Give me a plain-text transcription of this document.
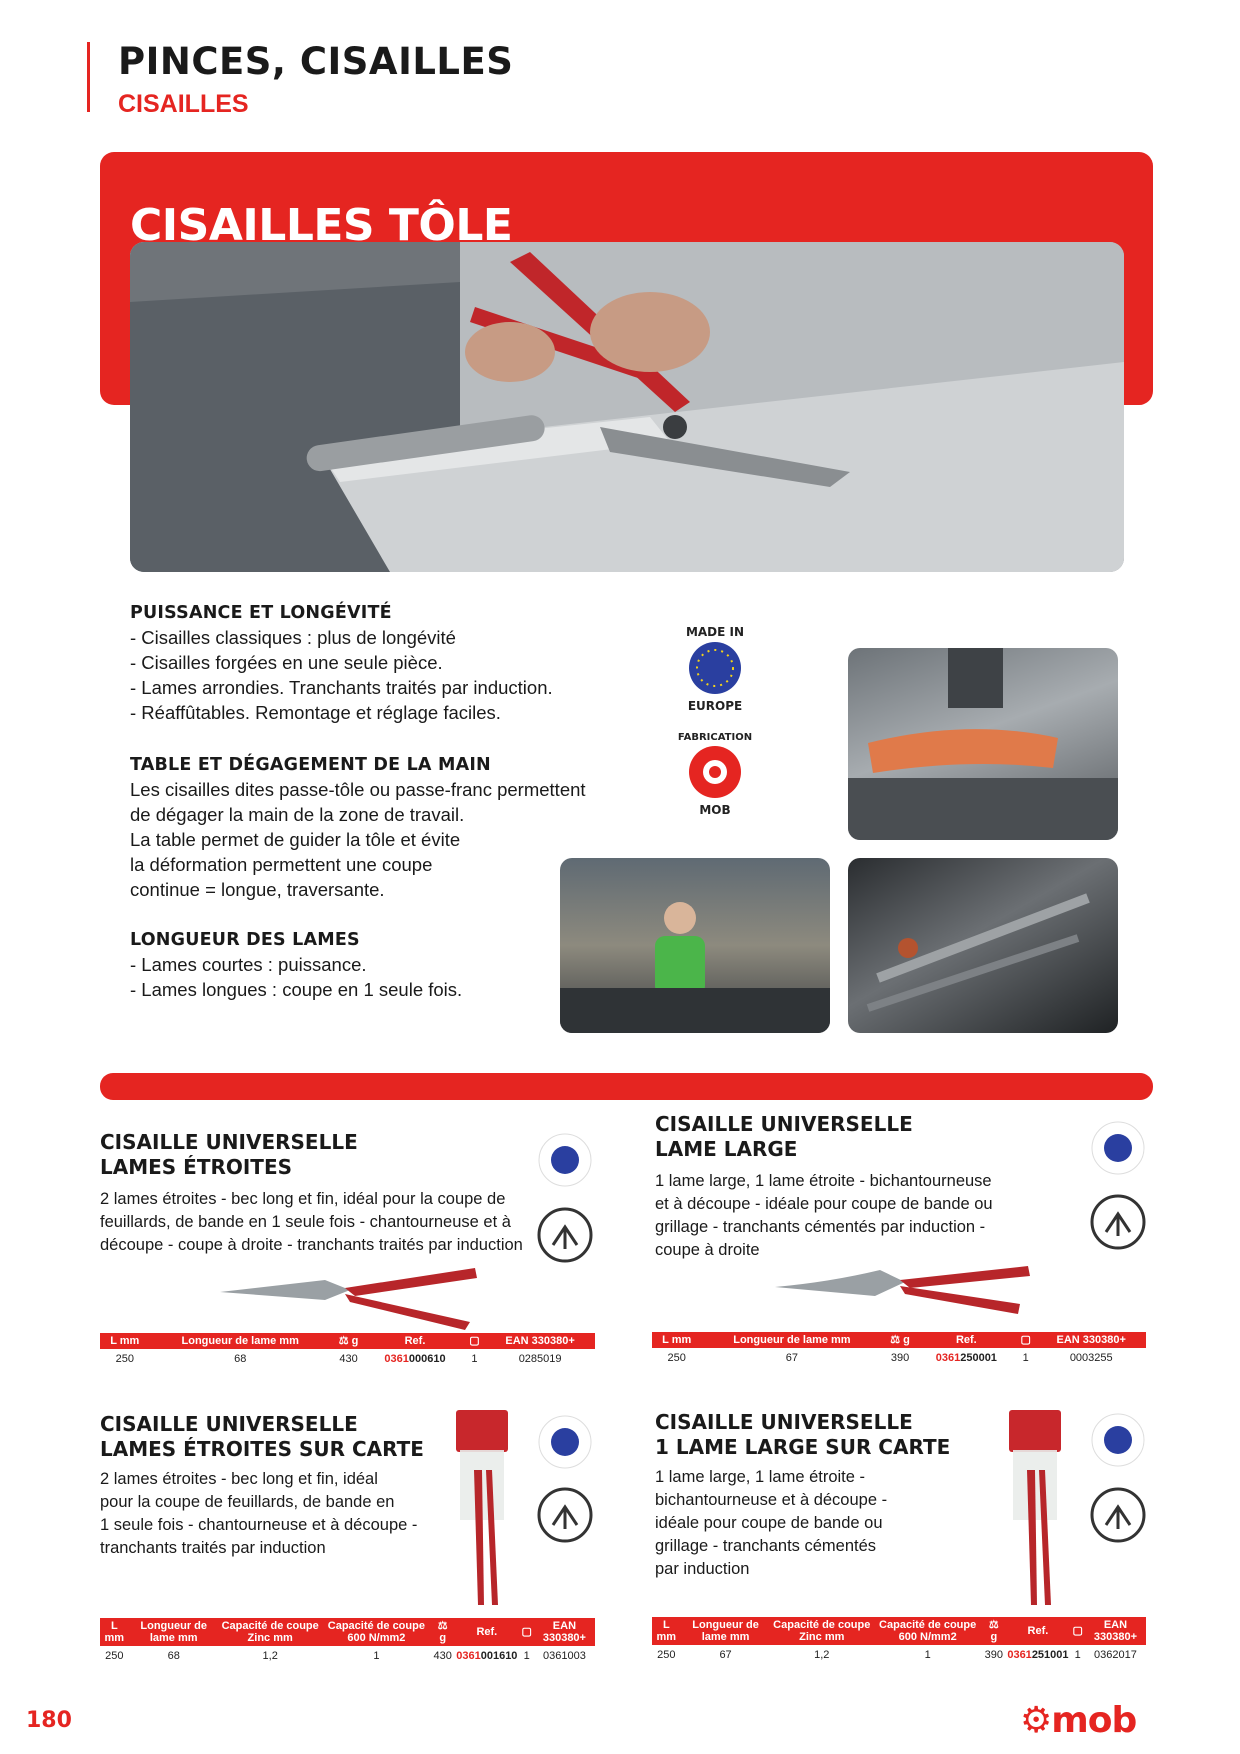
PINCES, CISAILLES
CISAILLES
CISAILLES TÔLE
PUISSANCE ET LONGÉVITÉ
- Cisailles classiques : plus de longévité
- Cisailles forgées en une seule pièce.
- Lames arrondies. Tranchants traités par induction.
- Réaffûtables. Remontage et réglage faciles.
TABLE ET DÉGAGEMENT DE LA MAIN
Les cisailles dites passe-tôle ou passe-franc permettent
de dégager la main de la zone de travail.
La table permet de guider la tôle et évite
la déformation permettent une coupe
continue = longue, traversante.
LONGUEUR DES LAMES
- Lames courtes : puissance.
- Lames longues : coupe en 1 seule fois.
MADE IN
EUROPE
FABRICATION
MOB
CISAILLE UNIVERSELLE
LAMES ÉTROITES
2 lames étroites - bec long et fin, idéal pour la coupe de
feuillards, de bande en 1 seule fois - chantourneuse et à
découpe - coupe à droite - tranchants traités par induction
CISAILLE UNIVERSELLE
LAME LARGE
1 lame large, 1 lame étroite - bichantourneuse
et à découpe - idéale pour coupe de bande ou
grillage - tranchants cémentés par induction -
coupe à droite
L mm	Longueur de lame mm	⚖ g	Ref.	▢	EAN 330380+
250	68	430	0361000610	1	0285019
L mm	Longueur de lame mm	⚖ g	Ref.	▢	EAN 330380+
250	67	390	0361250001	1	0003255
CISAILLE UNIVERSELLE
LAMES ÉTROITES SUR CARTE
2 lames étroites - bec long et fin, idéal
pour la coupe de feuillards, de bande en
1 seule fois - chantourneuse et à découpe -
tranchants traités par induction
CISAILLE UNIVERSELLE
1 LAME LARGE SUR CARTE
1 lame large, 1 lame étroite -
bichantourneuse et à découpe -
idéale pour coupe de bande ou
grillage - tranchants cémentés
par induction
L mm	Longueur de lame mm	Capacité de coupe Zinc mm	Capacité de coupe 600 N/mm2	⚖ g	Ref.	▢	EAN 330380+
250	68	1,2	1	430	0361001610	1	0361003
L mm	Longueur de lame mm	Capacité de coupe Zinc mm	Capacité de coupe 600 N/mm2	⚖ g	Ref.	▢	EAN 330380+
250	67	1,2	1	390	0361251001	1	0362017
180	⚙mob
